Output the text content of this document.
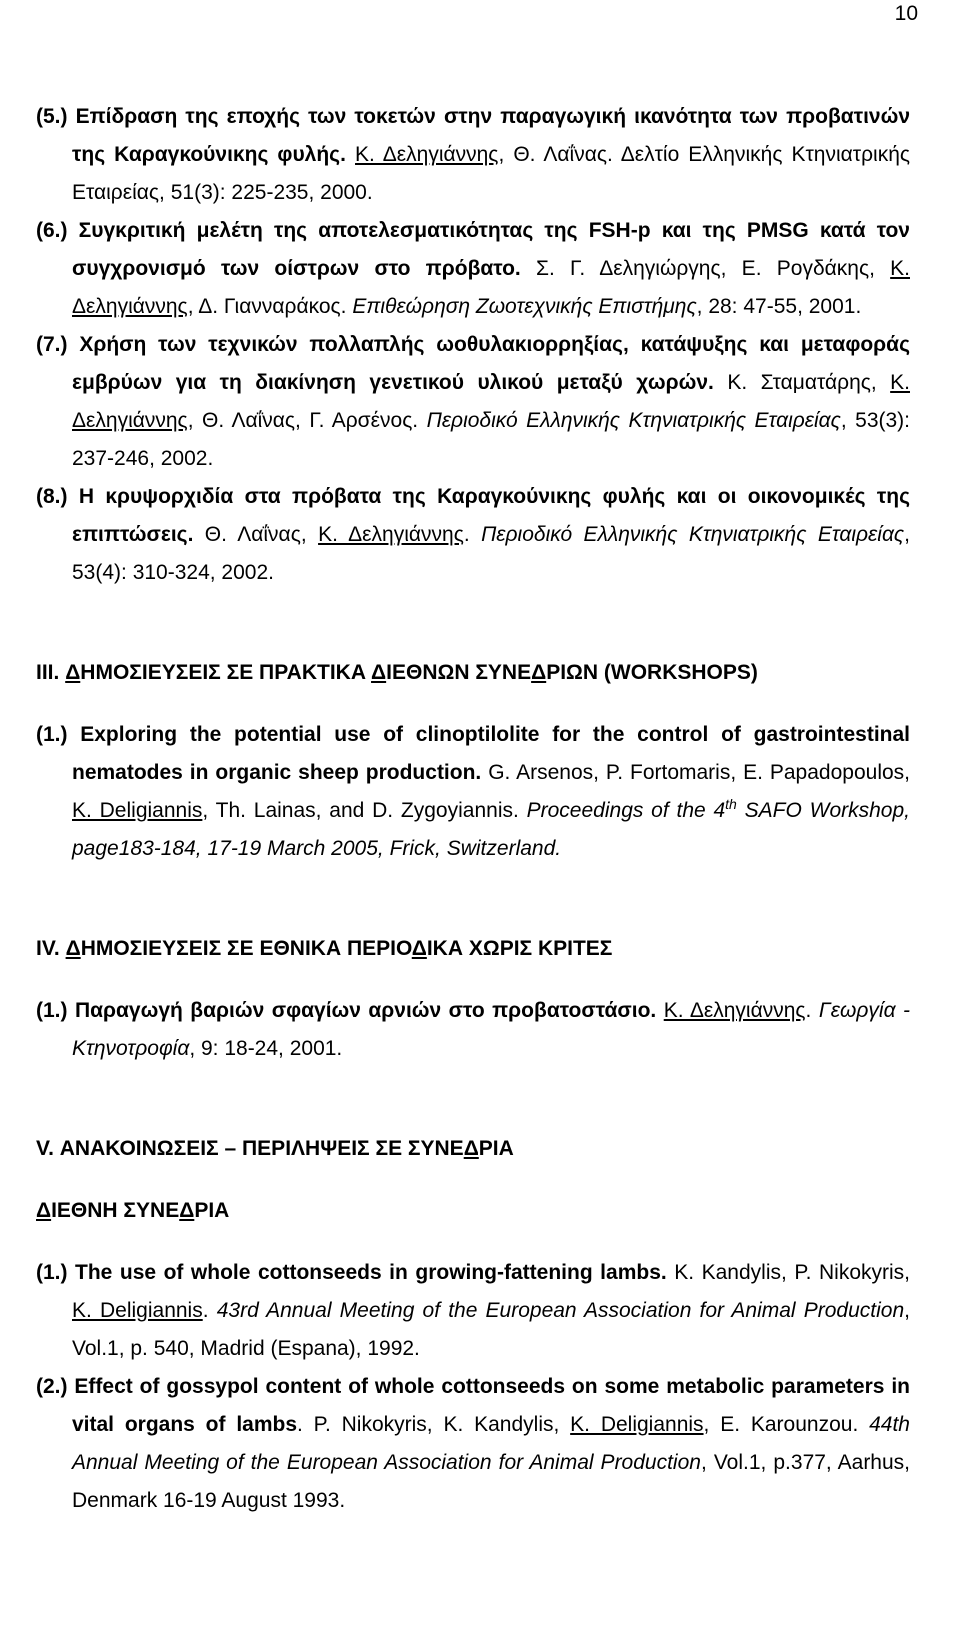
10
(5.) Επίδραση της εποχής των τοκετών στην παραγωγική ικανότητα των προβατινών της Καραγκούνικης φυλής. Κ. Δεληγιάννης, Θ. Λαΐνας. Δελτίο Ελληνικής Κτηνιατρικής Εταιρείας, 51(3): 225-235, 2000.
(6.) Συγκριτική μελέτη της αποτελεσματικότητας της FSH-p και της PMSG κατά τον συγχρονισμό των οίστρων στο πρόβατο. Σ. Γ. Δεληγιώργης, Ε. Ρογδάκης, Κ. Δεληγιάννης, Δ. Γιανναράκος. Επιθεώρηση Ζωοτεχνικής Επιστήμης, 28: 47-55, 2001.
(7.) Χρήση των τεχνικών πολλαπλής ωοθυλακιορρηξίας, κατάψυξης και μεταφοράς εμβρύων για τη διακίνηση γενετικού υλικού μεταξύ χωρών. Κ. Σταματάρης, Κ. Δεληγιάννης, Θ. Λαΐνας, Γ. Αρσένος. Περιοδικό Ελληνικής Κτηνιατρικής Εταιρείας, 53(3): 237-246, 2002.
(8.) Η κρυψορχιδία στα πρόβατα της Καραγκούνικης φυλής και οι οικονομικές της επιπτώσεις. Θ. Λαΐνας, Κ. Δεληγιάννης. Περιοδικό Ελληνικής Κτηνιατρικής Εταιρείας, 53(4): 310-324, 2002.
III. ΔΗΜΟΣΙΕΥΣΕΙΣ ΣΕ ΠΡΑΚΤΙΚΑ ΔΙΕΘΝΩΝ ΣΥΝΕΔΡΙΩΝ (WORKSHOPS)
(1.) Exploring the potential use of clinoptilolite for the control of gastrointestinal nematodes in organic sheep production. G. Arsenos, P. Fortomaris, E. Papadopoulos, K. Deligiannis, Th. Lainas, and D. Zygoyiannis. Proceedings of the 4th SAFO Workshop, page183-184, 17-19 March 2005, Frick, Switzerland.
IV. ΔΗΜΟΣΙΕΥΣΕΙΣ ΣΕ ΕΘΝΙΚΑ ΠΕΡΙΟΔΙΚΑ ΧΩΡΙΣ ΚΡΙΤΕΣ
(1.) Παραγωγή βαριών σφαγίων αρνιών στο προβατοστάσιο. Κ. Δεληγιάννης. Γεωργία - Κτηνοτροφία, 9: 18-24, 2001.
V. ΑΝΑΚΟΙΝΩΣΕΙΣ – ΠΕΡΙΛΗΨΕΙΣ ΣΕ ΣΥΝΕΔΡΙΑ
ΔΙΕΘΝΗ ΣΥΝΕΔΡΙΑ
(1.) The use of whole cottonseeds in growing-fattening lambs. K. Kandylis, P. Nikokyris, K. Deligiannis. 43rd Annual Meeting of the European Association for Animal Production, Vol.1, p. 540, Madrid (Espana), 1992.
(2.) Effect of gossypol content of whole cottonseeds on some metabolic parameters in vital organs of lambs. P. Nikokyris, K. Kandylis, K. Deligiannis, E. Karounzou. 44th Annual Meeting of the European Association for Animal Production, Vol.1, p.377, Aarhus, Denmark 16-19 August 1993.
